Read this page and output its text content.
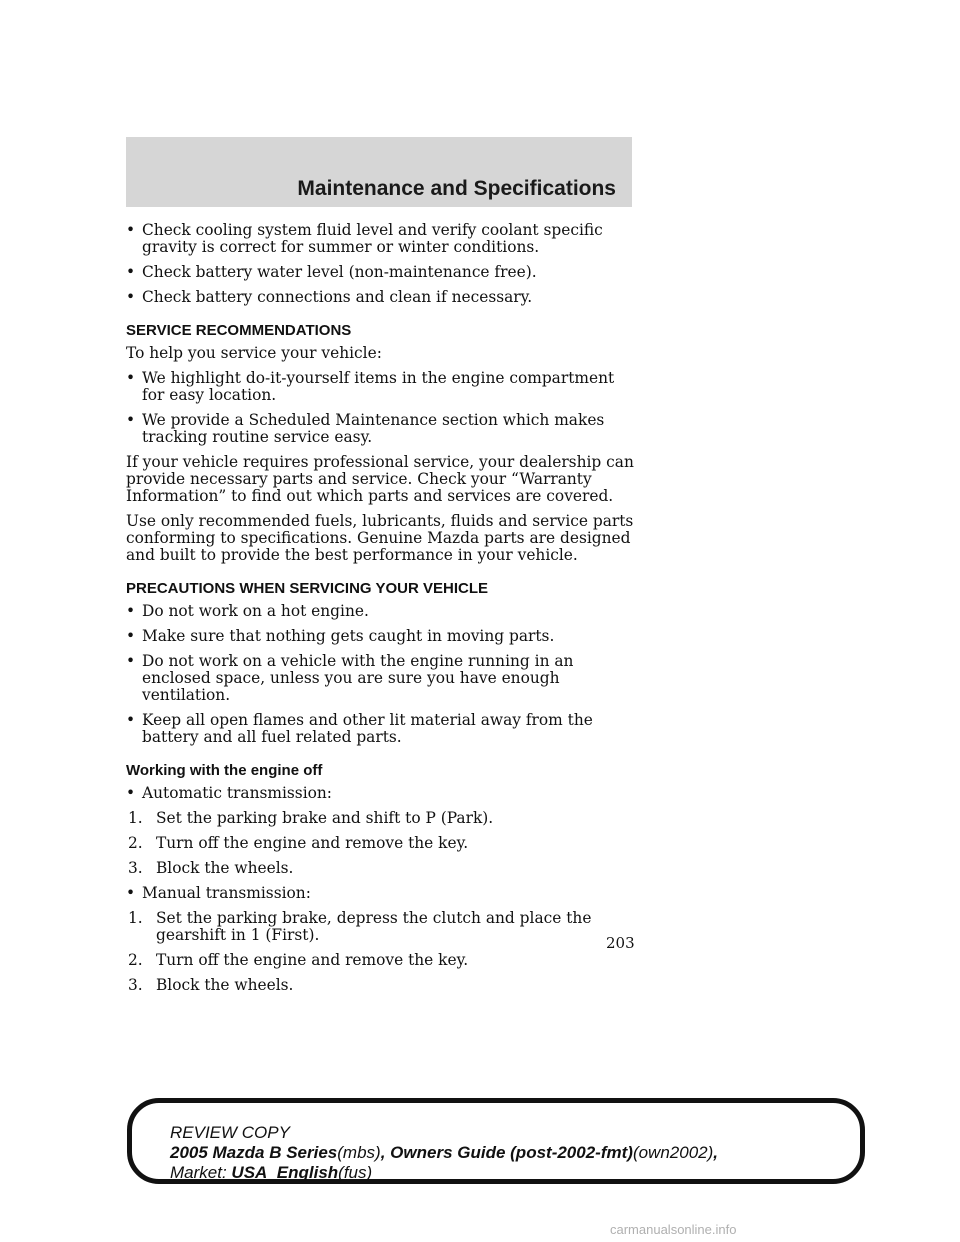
Maintenance and Specifications
• Check cooling system fluid level and verify coolant specific gravity is correct for summer or winter conditions.
• Check battery water level (non-maintenance free).
• Check battery connections and clean if necessary.
SERVICE RECOMMENDATIONS
To help you service your vehicle:
• We highlight do-it-yourself items in the engine compartment for easy location.
• We provide a Scheduled Maintenance section which makes tracking routine service easy.
If your vehicle requires professional service, your dealership can provide necessary parts and service. Check your “Warranty Information” to find out which parts and services are covered.
Use only recommended fuels, lubricants, fluids and service parts conforming to specifications. Genuine Mazda parts are designed and built to provide the best performance in your vehicle.
PRECAUTIONS WHEN SERVICING YOUR VEHICLE
• Do not work on a hot engine.
• Make sure that nothing gets caught in moving parts.
• Do not work on a vehicle with the engine running in an enclosed space, unless you are sure you have enough ventilation.
• Keep all open flames and other lit material away from the battery and all fuel related parts.
Working with the engine off
• Automatic transmission:
1. Set the parking brake and shift to P (Park).
2. Turn off the engine and remove the key.
3. Block the wheels.
• Manual transmission:
1. Set the parking brake, depress the clutch and place the gearshift in 1 (First).
2. Turn off the engine and remove the key.
3. Block the wheels.
203
REVIEW COPY
2005 Mazda B Series(mbs), Owners Guide (post-2002-fmt)(own2002),
Market: USA_English(fus)
carmanualsonline.info
